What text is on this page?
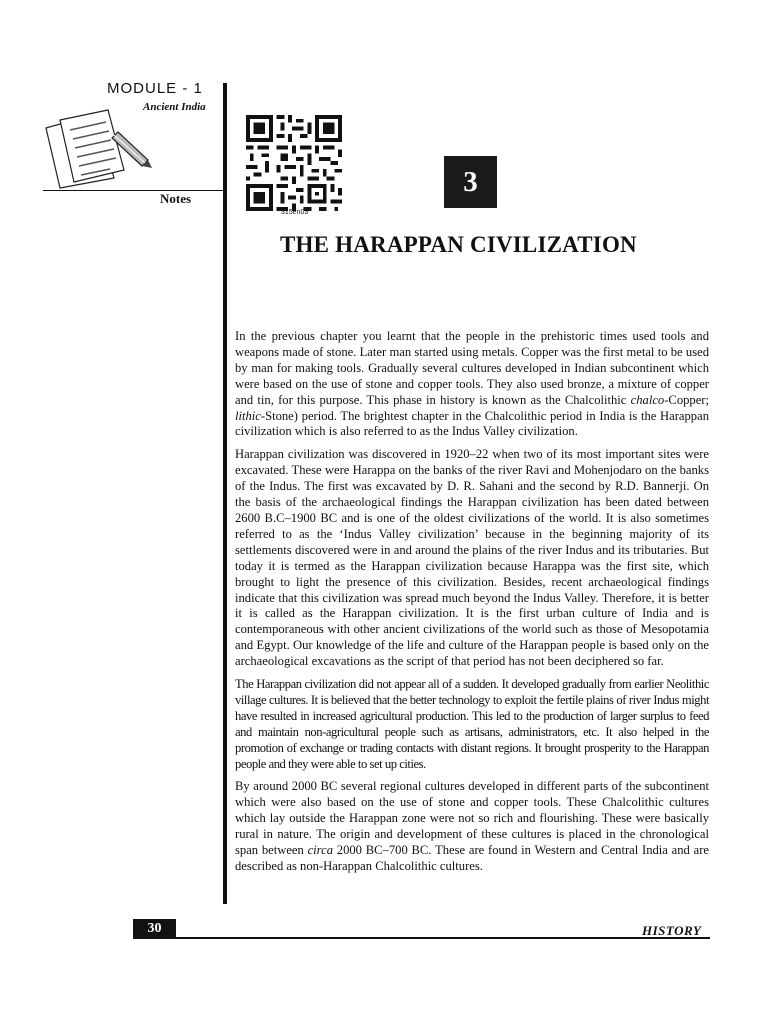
MODULE - 1
Ancient India
Notes
315en03
3
THE HARAPPAN CIVILIZATION

In the previous chapter you learnt that the people in the prehistoric times used tools and weapons made of stone. Later man started using metals. Copper was the first metal to be used by man for making tools. Gradually several cultures developed in Indian subcontinent which were based on the use of stone and copper tools. They also used bronze, a mixture of copper and tin, for this purpose. This phase in history is known as the Chalcolithic chalco-Copper; lithic-Stone) period. The brightest chapter in the Chalcolithic period in India is the Harappan civilization which is also referred to as the Indus Valley civilization.

Harappan civilization was discovered in 1920–22 when two of its most important sites were excavated. These were Harappa on the banks of the river Ravi and Mohenjodaro on the banks of the Indus. The first was excavated by D. R. Sahani and the second by R.D. Bannerji. On the basis of the archaeological findings the Harappan civilization has been dated between 2600 B.C–1900 BC and is one of the oldest civilizations of the world. It is also sometimes referred to as the ‘Indus Valley civilization’ because in the beginning majority of its settlements discovered were in and around the plains of the river Indus and its tributaries. But today it is termed as the Harappan civilization because Harappa was the first site, which brought to light the presence of this civilization. Besides, recent archaeological findings indicate that this civilization was spread much beyond the Indus Valley. Therefore, it is better it is called as the Harappan civilization. It is the first urban culture of India and is contemporaneous with other ancient civilizations of the world such as those of Mesopotamia and Egypt. Our knowledge of the life and culture of the Harappan people is based only on the archaeological excavations as the script of that period has not been deciphered so far.

The Harappan civilization did not appear all of a sudden. It developed gradually from earlier Neolithic village cultures. It is believed that the better technology to exploit the fertile plains of river Indus might have resulted in increased agricultural production. This led to the production of larger surplus to feed and maintain non-agricultural people such as artisans, administrators, etc. It also helped in the promotion of exchange or trading contacts with distant regions. It brought prosperity to the Harappan people and they were able to set up cities.

By around 2000 BC several regional cultures developed in different parts of the subcontinent which were also based on the use of stone and copper tools. These Chalcolithic cultures which lay outside the Harappan zone were not so rich and flourishing. These were basically rural in nature. The origin and development of these cultures is placed in the chronological span between circa 2000 BC–700 BC. These are found in Western and Central India and are described as non-Harappan Chalcolithic cultures.

30	HISTORY
